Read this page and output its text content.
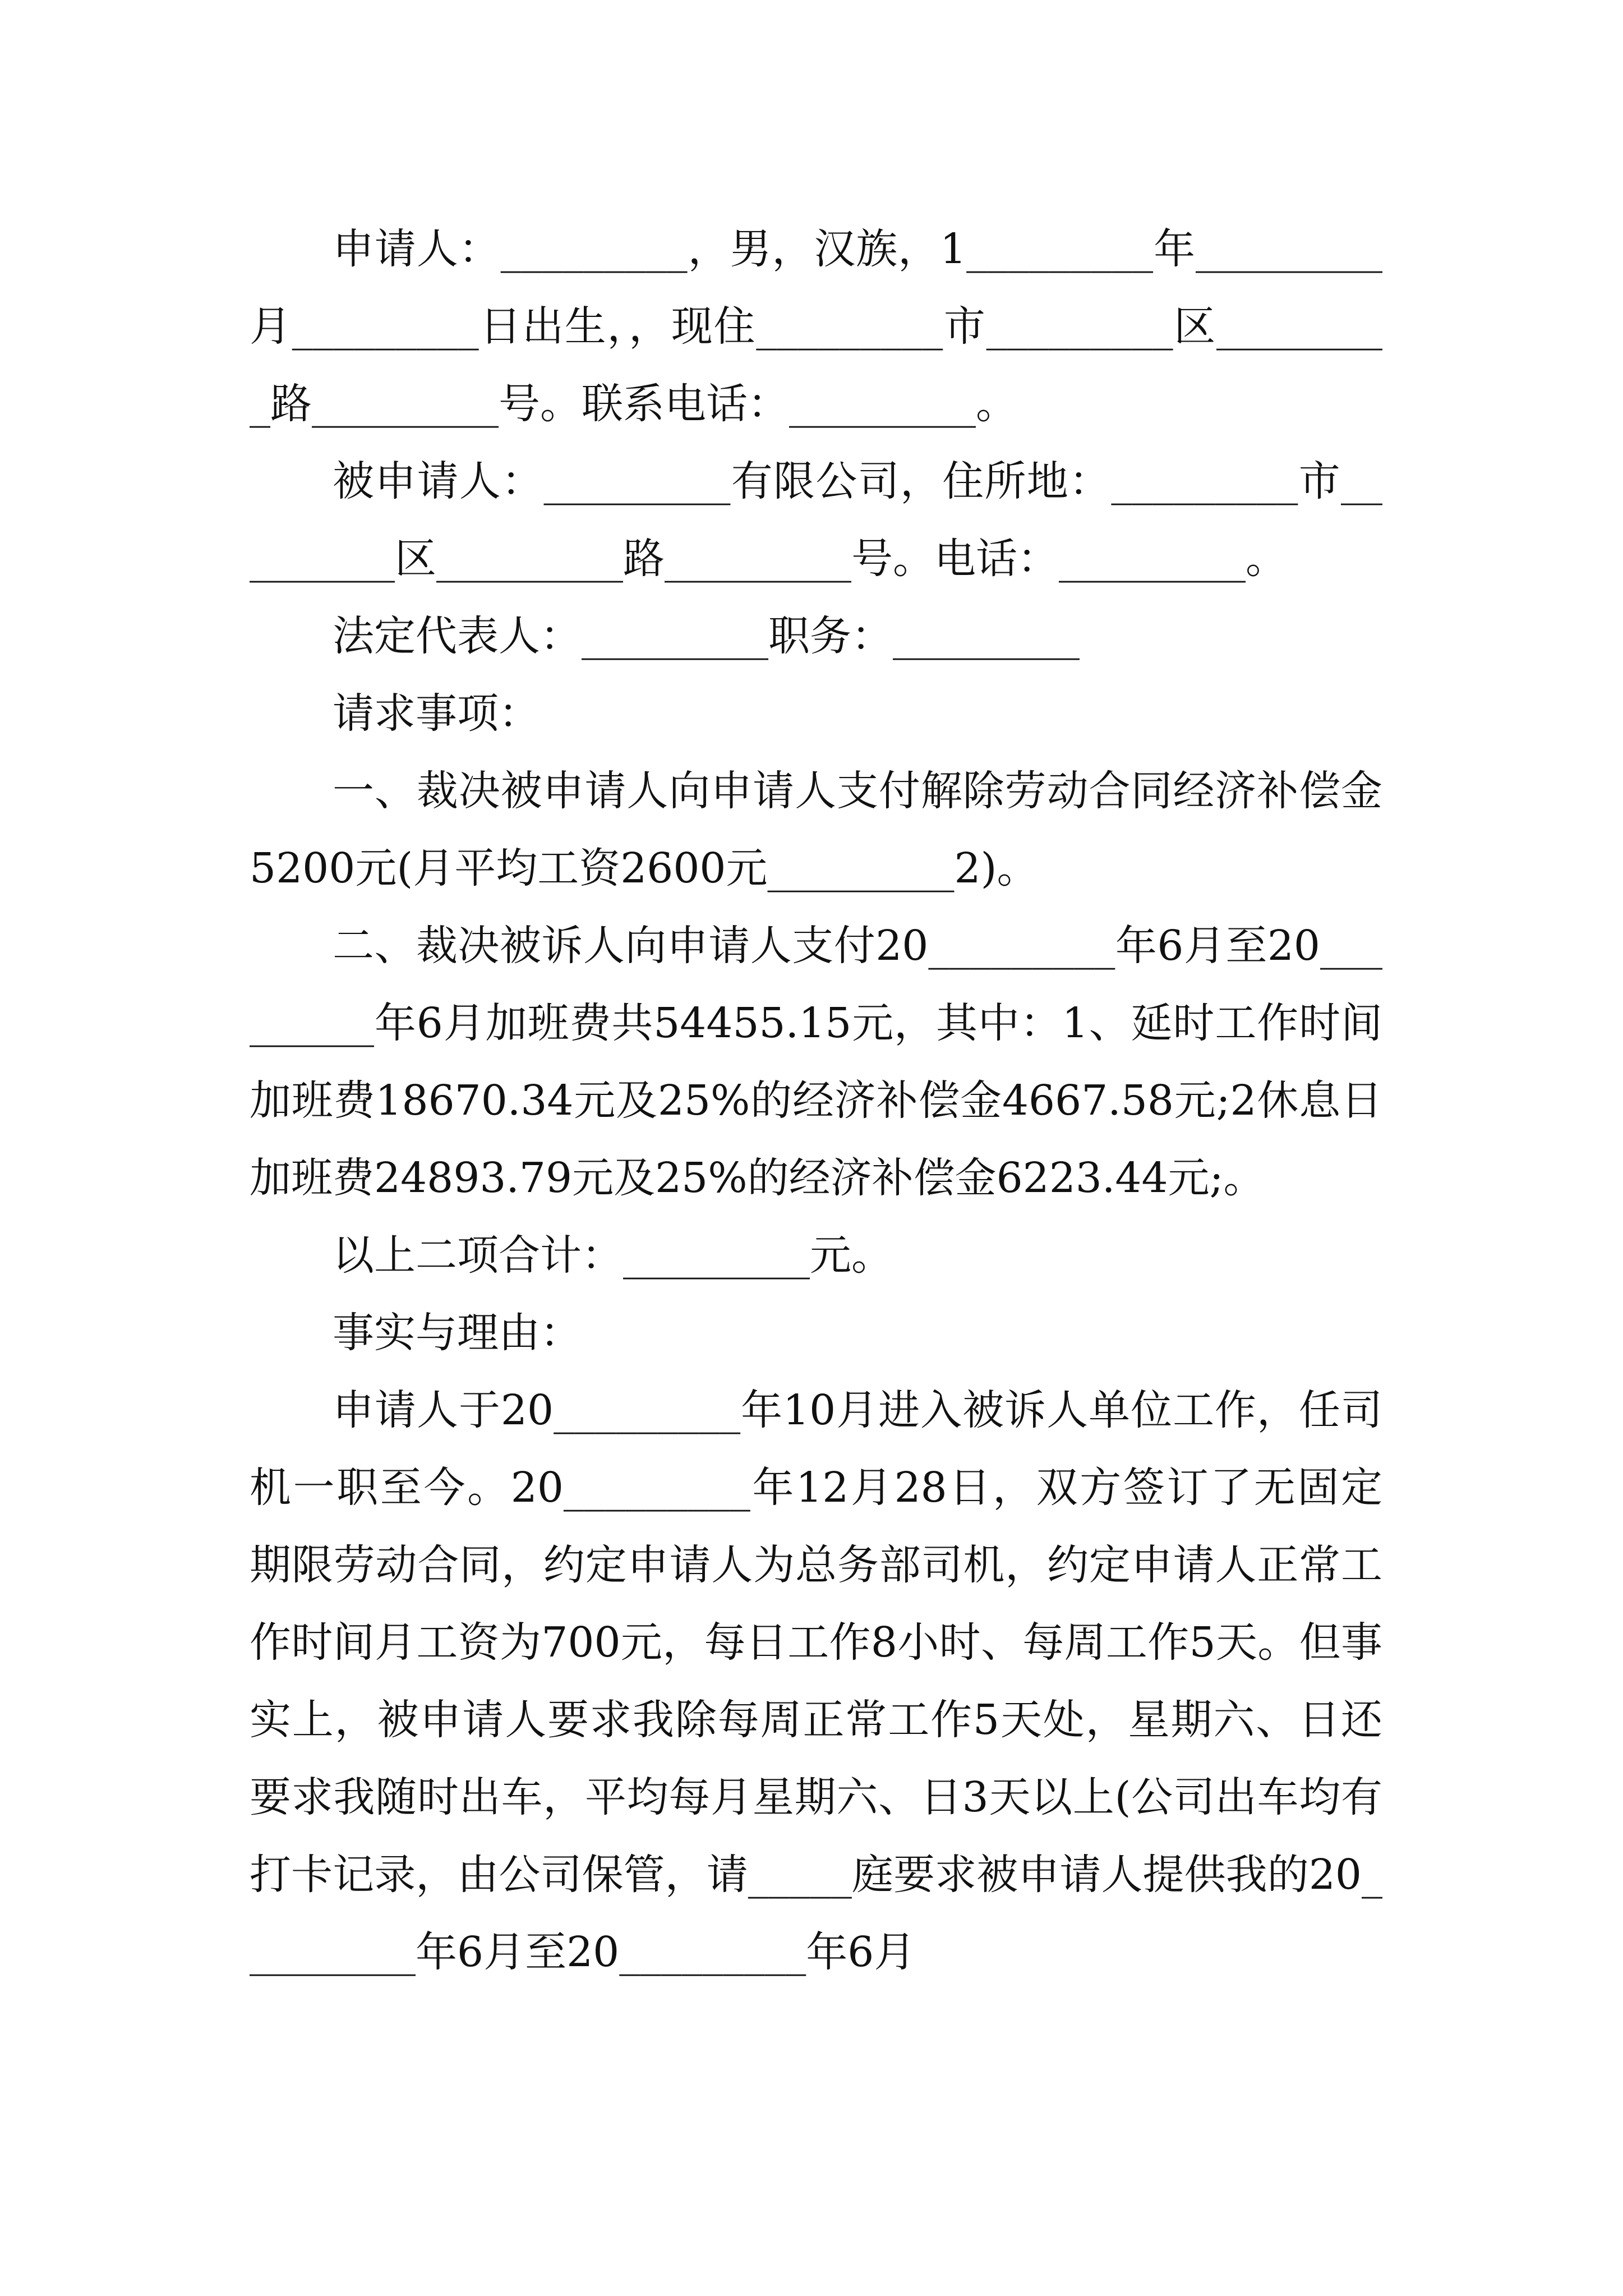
申请人：_________，男，汉族，1_________年_________月_________日出生，，现住_________市_________区_________路_________号。联系电话：_________。

被申请人：_________有限公司，住所地：_________市_________区_________路_________号。电话：_________。

法定代表人：_________职务：_________

请求事项：

一、裁决被申请人向申请人支付解除劳动合同经济补偿金5200元(月平均工资2600元_________2)。

二、裁决被诉人向申请人支付20_________年6月至20_________年6月加班费共54455.15元，其中：1、延时工作时间加班费18670.34元及25%的经济补偿金4667.58元;2休息日加班费24893.79元及25%的经济补偿金6223.44元;。

以上二项合计：_________元。

事实与理由：

申请人于20_________年10月进入被诉人单位工作，任司机一职至今。20_________年12月28日，双方签订了无固定期限劳动合同，约定申请人为总务部司机，约定申请人正常工作时间月工资为700元，每日工作8小时、每周工作5天。但事实上，被申请人要求我除每周正常工作5天处，星期六、日还要求我随时出车，平均每月星期六、日3天以上(公司出车均有打卡记录，由公司保管，请_____庭要求被申请人提供我的20_________年6月至20_________年6月
